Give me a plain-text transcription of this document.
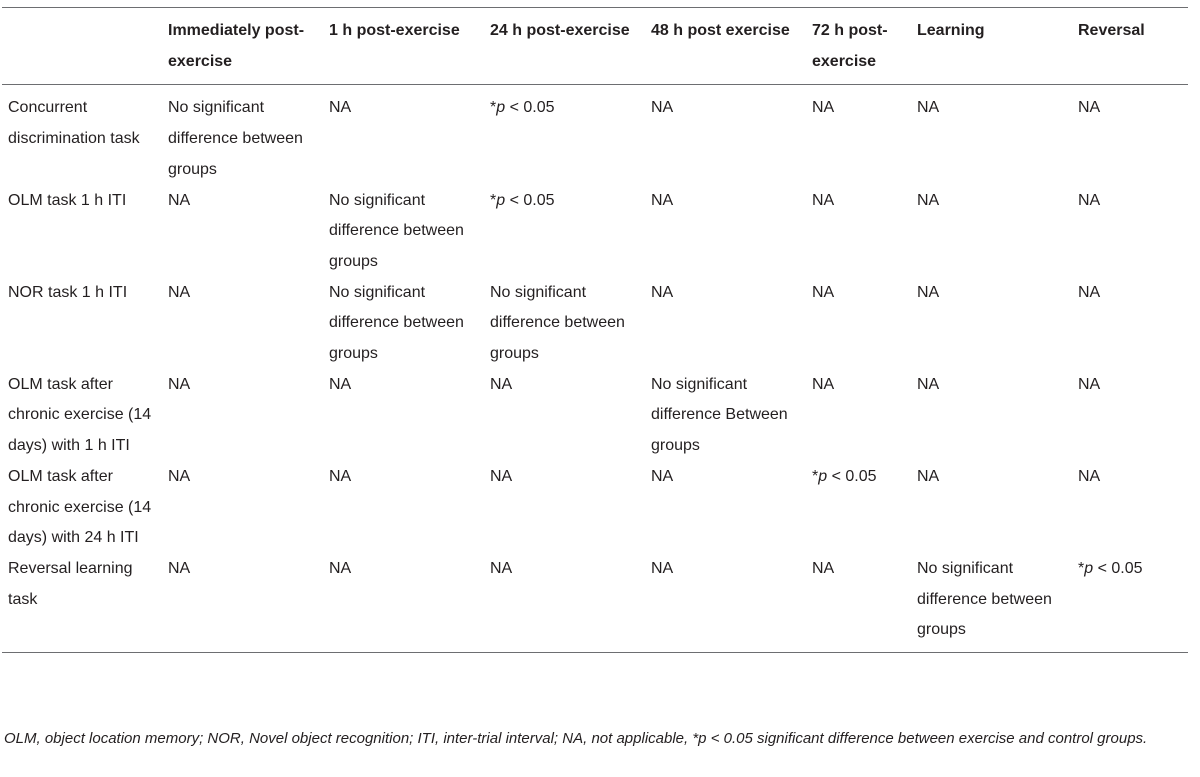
	Immediately post-exercise	1 h post-exercise	24 h post-exercise	48 h post exercise	72 h post-exercise	Learning	Reversal
Concurrent discrimination task	No significant difference between groups	NA	*p < 0.05	NA	NA	NA	NA
OLM task 1 h ITI	NA	No significant difference between groups	*p < 0.05	NA	NA	NA	NA
NOR task 1 h ITI	NA	No significant difference between groups	No significant difference between groups	NA	NA	NA	NA
OLM task after chronic exercise (14 days) with 1 h ITI	NA	NA	NA	No significant difference Between groups	NA	NA	NA
OLM task after chronic exercise (14 days) with 24 h ITI	NA	NA	NA	NA	*p < 0.05	NA	NA
Reversal learning task	NA	NA	NA	NA	NA	No significant difference between groups	*p < 0.05
OLM, object location memory; NOR, Novel object recognition; ITI, inter-trial interval; NA, not applicable, *p < 0.05 significant difference between exercise and control groups.
